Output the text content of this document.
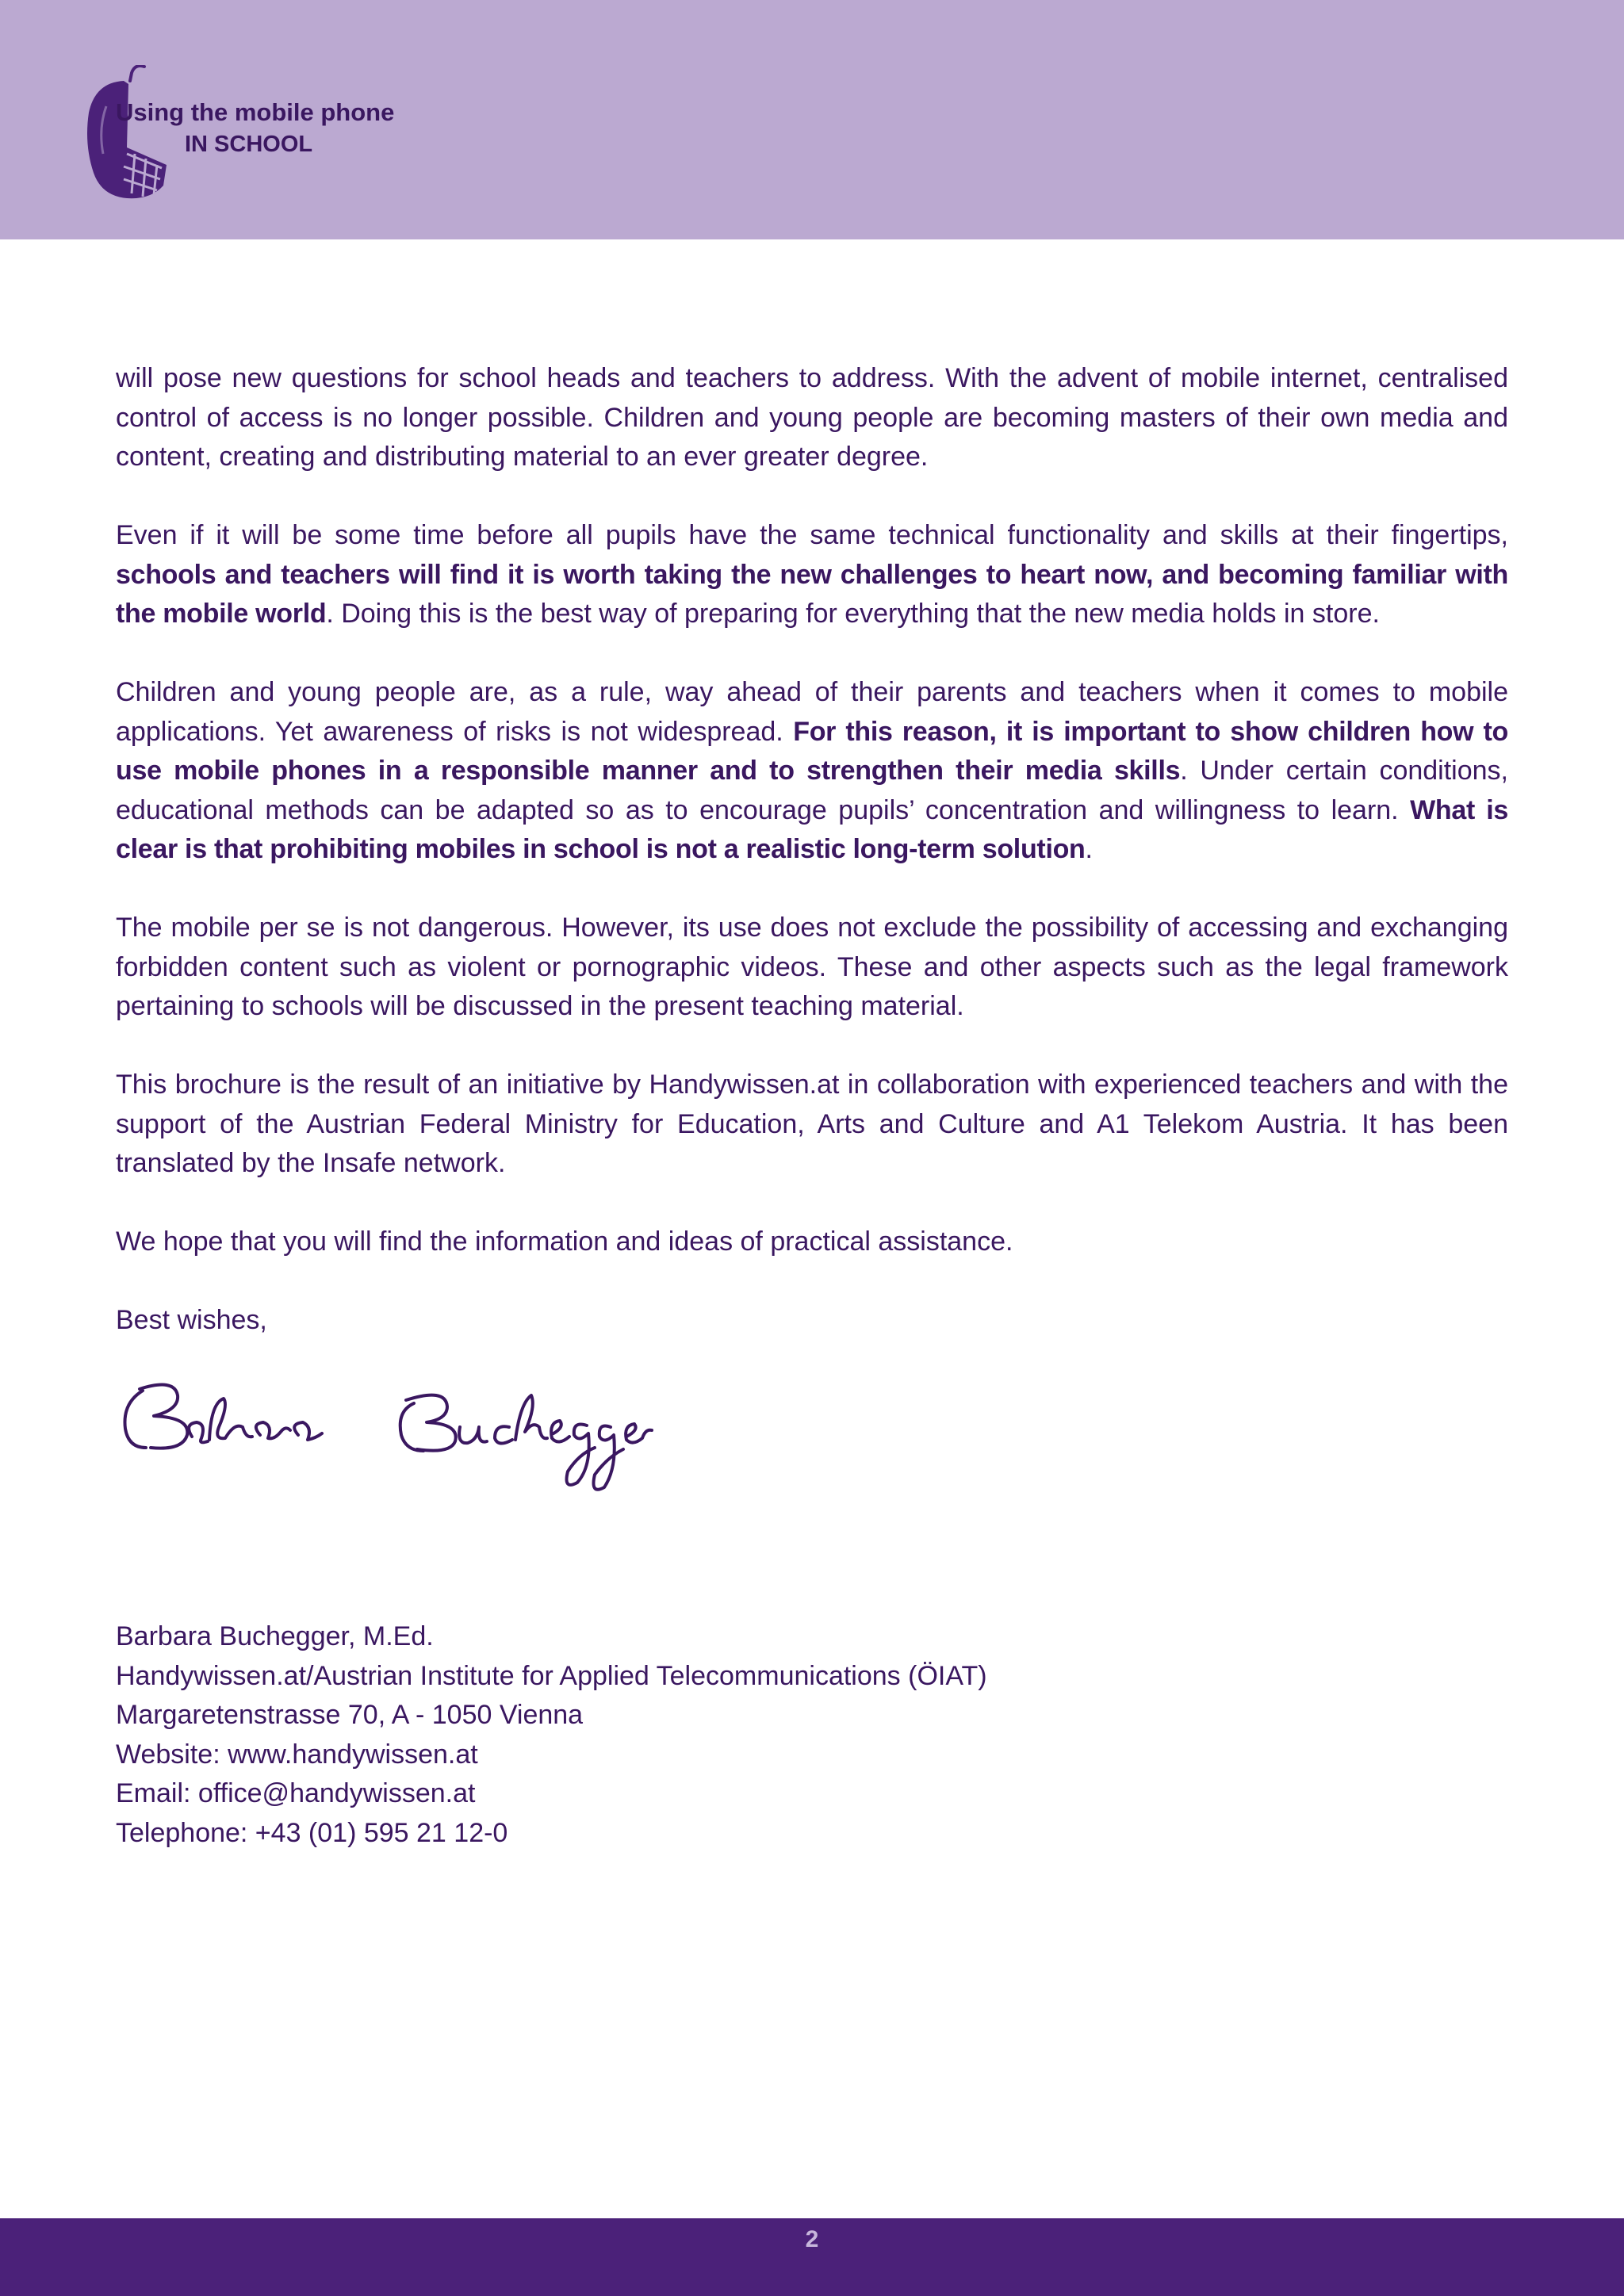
Using the mobile phone
IN SCHOOL

will pose new questions for school heads and teachers to address. With the advent of mobile internet, centralised control of access is no longer possible. Children and young people are becoming masters of their own media and content, creating and distributing material to an ever greater degree.

Even if it will be some time before all pupils have the same technical functionality and skills at their fingertips, schools and teachers will find it is worth taking the new challenges to heart now, and becoming familiar with the mobile world. Doing this is the best way of preparing for everything that the new media holds in store.

Children and young people are, as a rule, way ahead of their parents and teachers when it comes to mobile applications. Yet awareness of risks is not widespread. For this reason, it is important to show children how to use mobile phones in a responsible manner and to strengthen their media skills. Under certain conditions, educational methods can be adapted so as to encourage pupils’ concentration and willingness to learn. What is clear is that prohibiting mobiles in school is not a realistic long-term solution.

The mobile per se is not dangerous. However, its use does not exclude the possibility of accessing and exchanging forbidden content such as violent or pornographic videos. These and other aspects such as the legal framework pertaining to schools will be discussed in the present teaching material.

This brochure is the result of an initiative by Handywissen.at in collaboration with experienced teachers and with the support of the Austrian Federal Ministry for Education, Arts and Culture and A1 Telekom Austria. It has been translated by the Insafe network.

We hope that you will find the information and ideas of practical assistance.

Best wishes,

Barbara Buchegger, M.Ed.
Handywissen.at/Austrian Institute for Applied Telecommunications (ÖIAT)
Margaretenstrasse 70, A - 1050 Vienna
Website: www.handywissen.at
Email: office@handywissen.at
Telephone: +43 (01) 595 21 12-0
2
